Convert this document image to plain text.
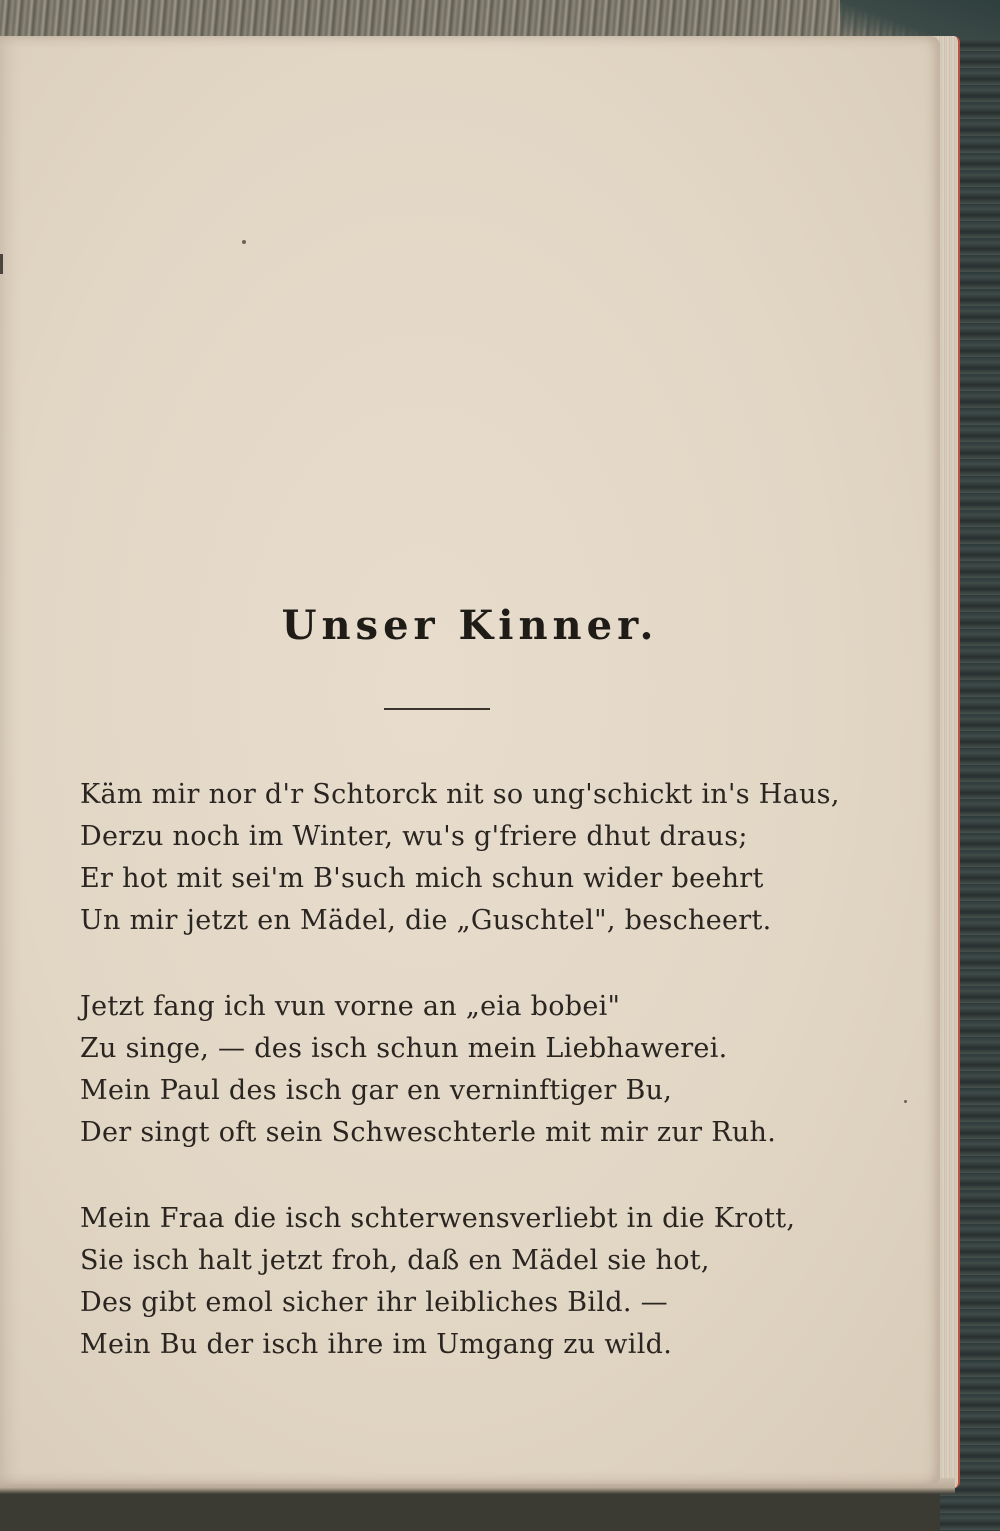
Unser Kinner.
Käm mir nor d'r Schtorck nit so ung'schickt in's Haus,
Derzu noch im Winter, wu's g'friere dhut draus;
Er hot mit sei'm B'such mich schun wider beehrt
Un mir jetzt en Mädel, die „Guschtel", bescheert.
Jetzt fang ich vun vorne an „eia bobei"
Zu singe, — des isch schun mein Liebhawerei.
Mein Paul des isch gar en verninftiger Bu,
Der singt oft sein Schweschterle mit mir zur Ruh.
Mein Fraa die isch schterwensverliebt in die Krott,
Sie isch halt jetzt froh, daß en Mädel sie hot,
Des gibt emol sicher ihr leibliches Bild. —
Mein Bu der isch ihre im Umgang zu wild.
